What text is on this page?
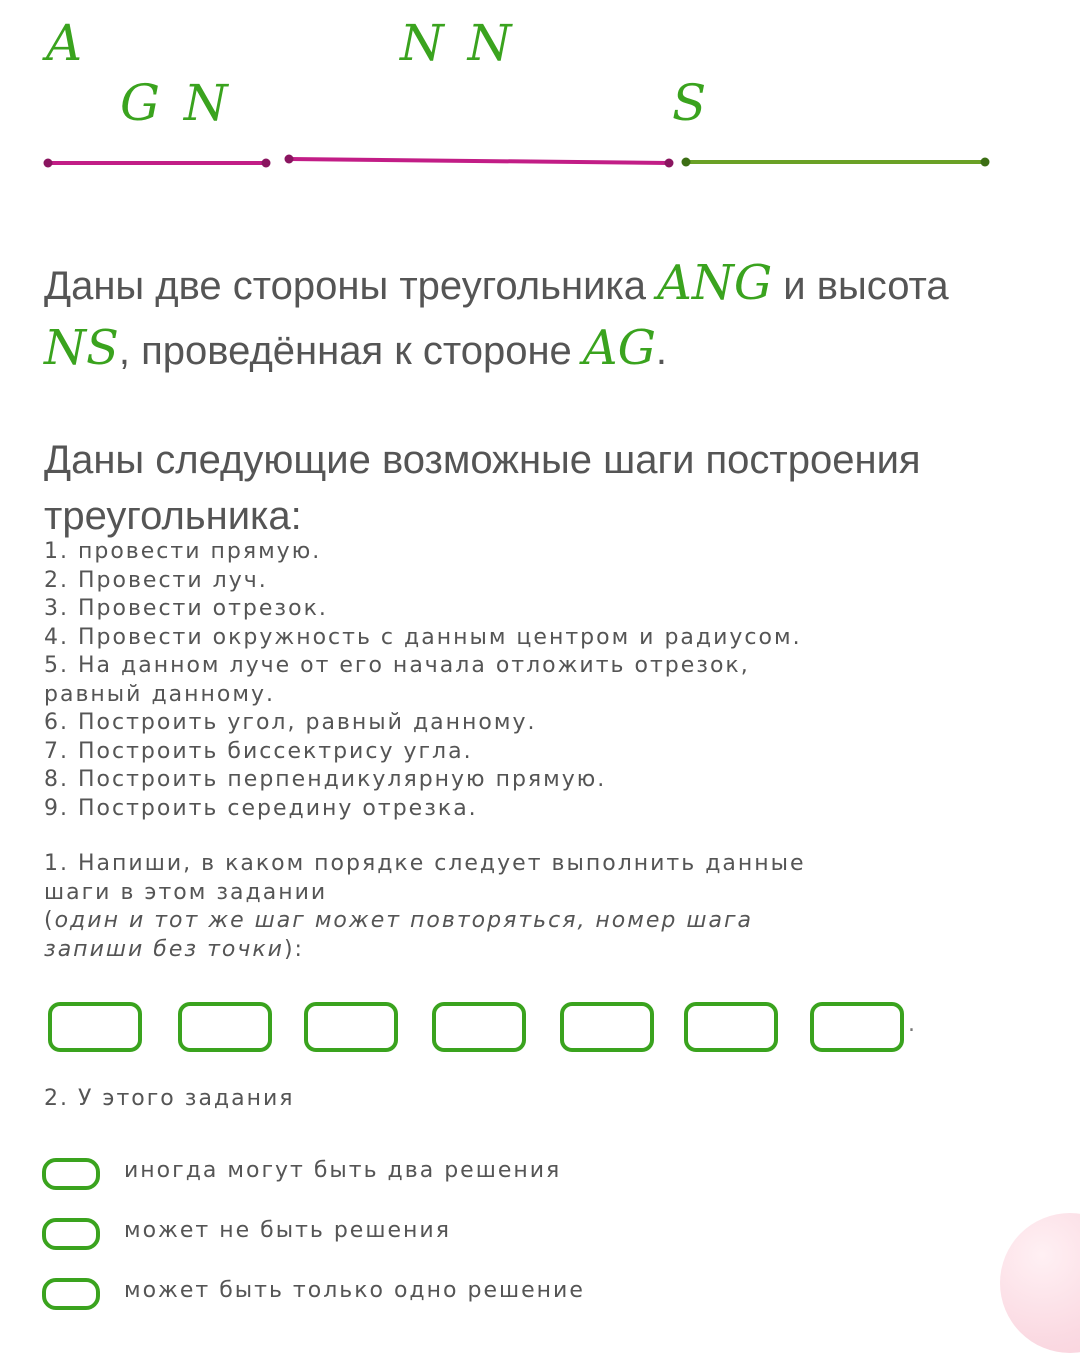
A
G N
N N
S
Даны две стороны треугольника ANG и высота
NS, проведённая к стороне AG.
Даны следующие возможные шаги построения треугольника:
1. провести прямую.
2. Провести луч.
3. Провести отрезок.
4. Провести окружность с данным центром и радиусом.
5. На данном луче от его начала отложить отрезок,
равный данному.
6. Построить угол, равный данному.
7. Построить биссектрису угла.
8. Построить перпендикулярную прямую.
9. Построить середину отрезка.
1. Напиши, в каком порядке следует выполнить данные
шаги в этом задании
(один и тот же шаг может повторяться, номер шага
запиши без точки):
.
2. У этого задания
иногда могут быть два решения
может не быть решения
может быть только одно решение
